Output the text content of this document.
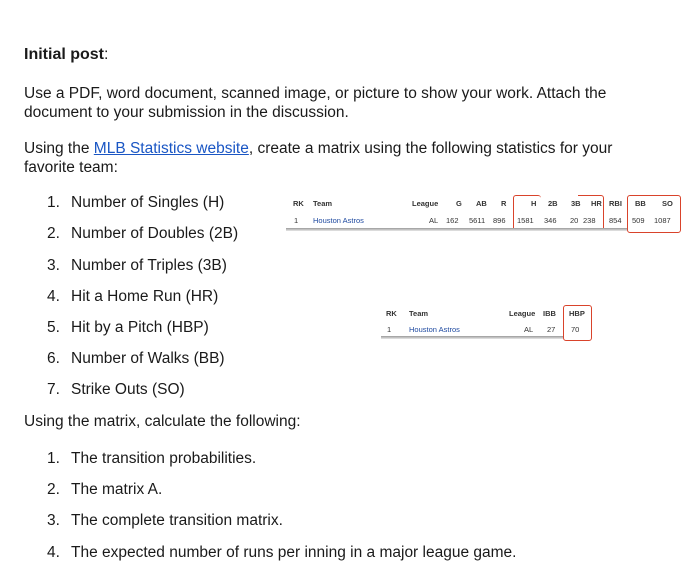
Initial post:
Use a PDF, word document, scanned image, or picture to show your work. Attach the
document to your submission in the discussion.
Using the MLB Statistics website, create a matrix using the following statistics for your
favorite team:
1. Number of Singles (H)
2. Number of Doubles (2B)
3. Number of Triples (3B)
4. Hit a Home Run (HR)
5. Hit by a Pitch (HBP)
6. Number of Walks (BB)
7. Strike Outs (SO)
Using the matrix, calculate the following:
1. The transition probabilities.
2. The matrix A.
3. The complete transition matrix.
4. The expected number of runs per inning in a major league game.
RK Team	League G AB R	H 2B 3B HR RBI BB SO
1 Houston Astros	AL 162 5611 896 1581 346 20 238 854 509 1087
RK Team	League IBB HBP
1 Houston Astros	AL 27 70
